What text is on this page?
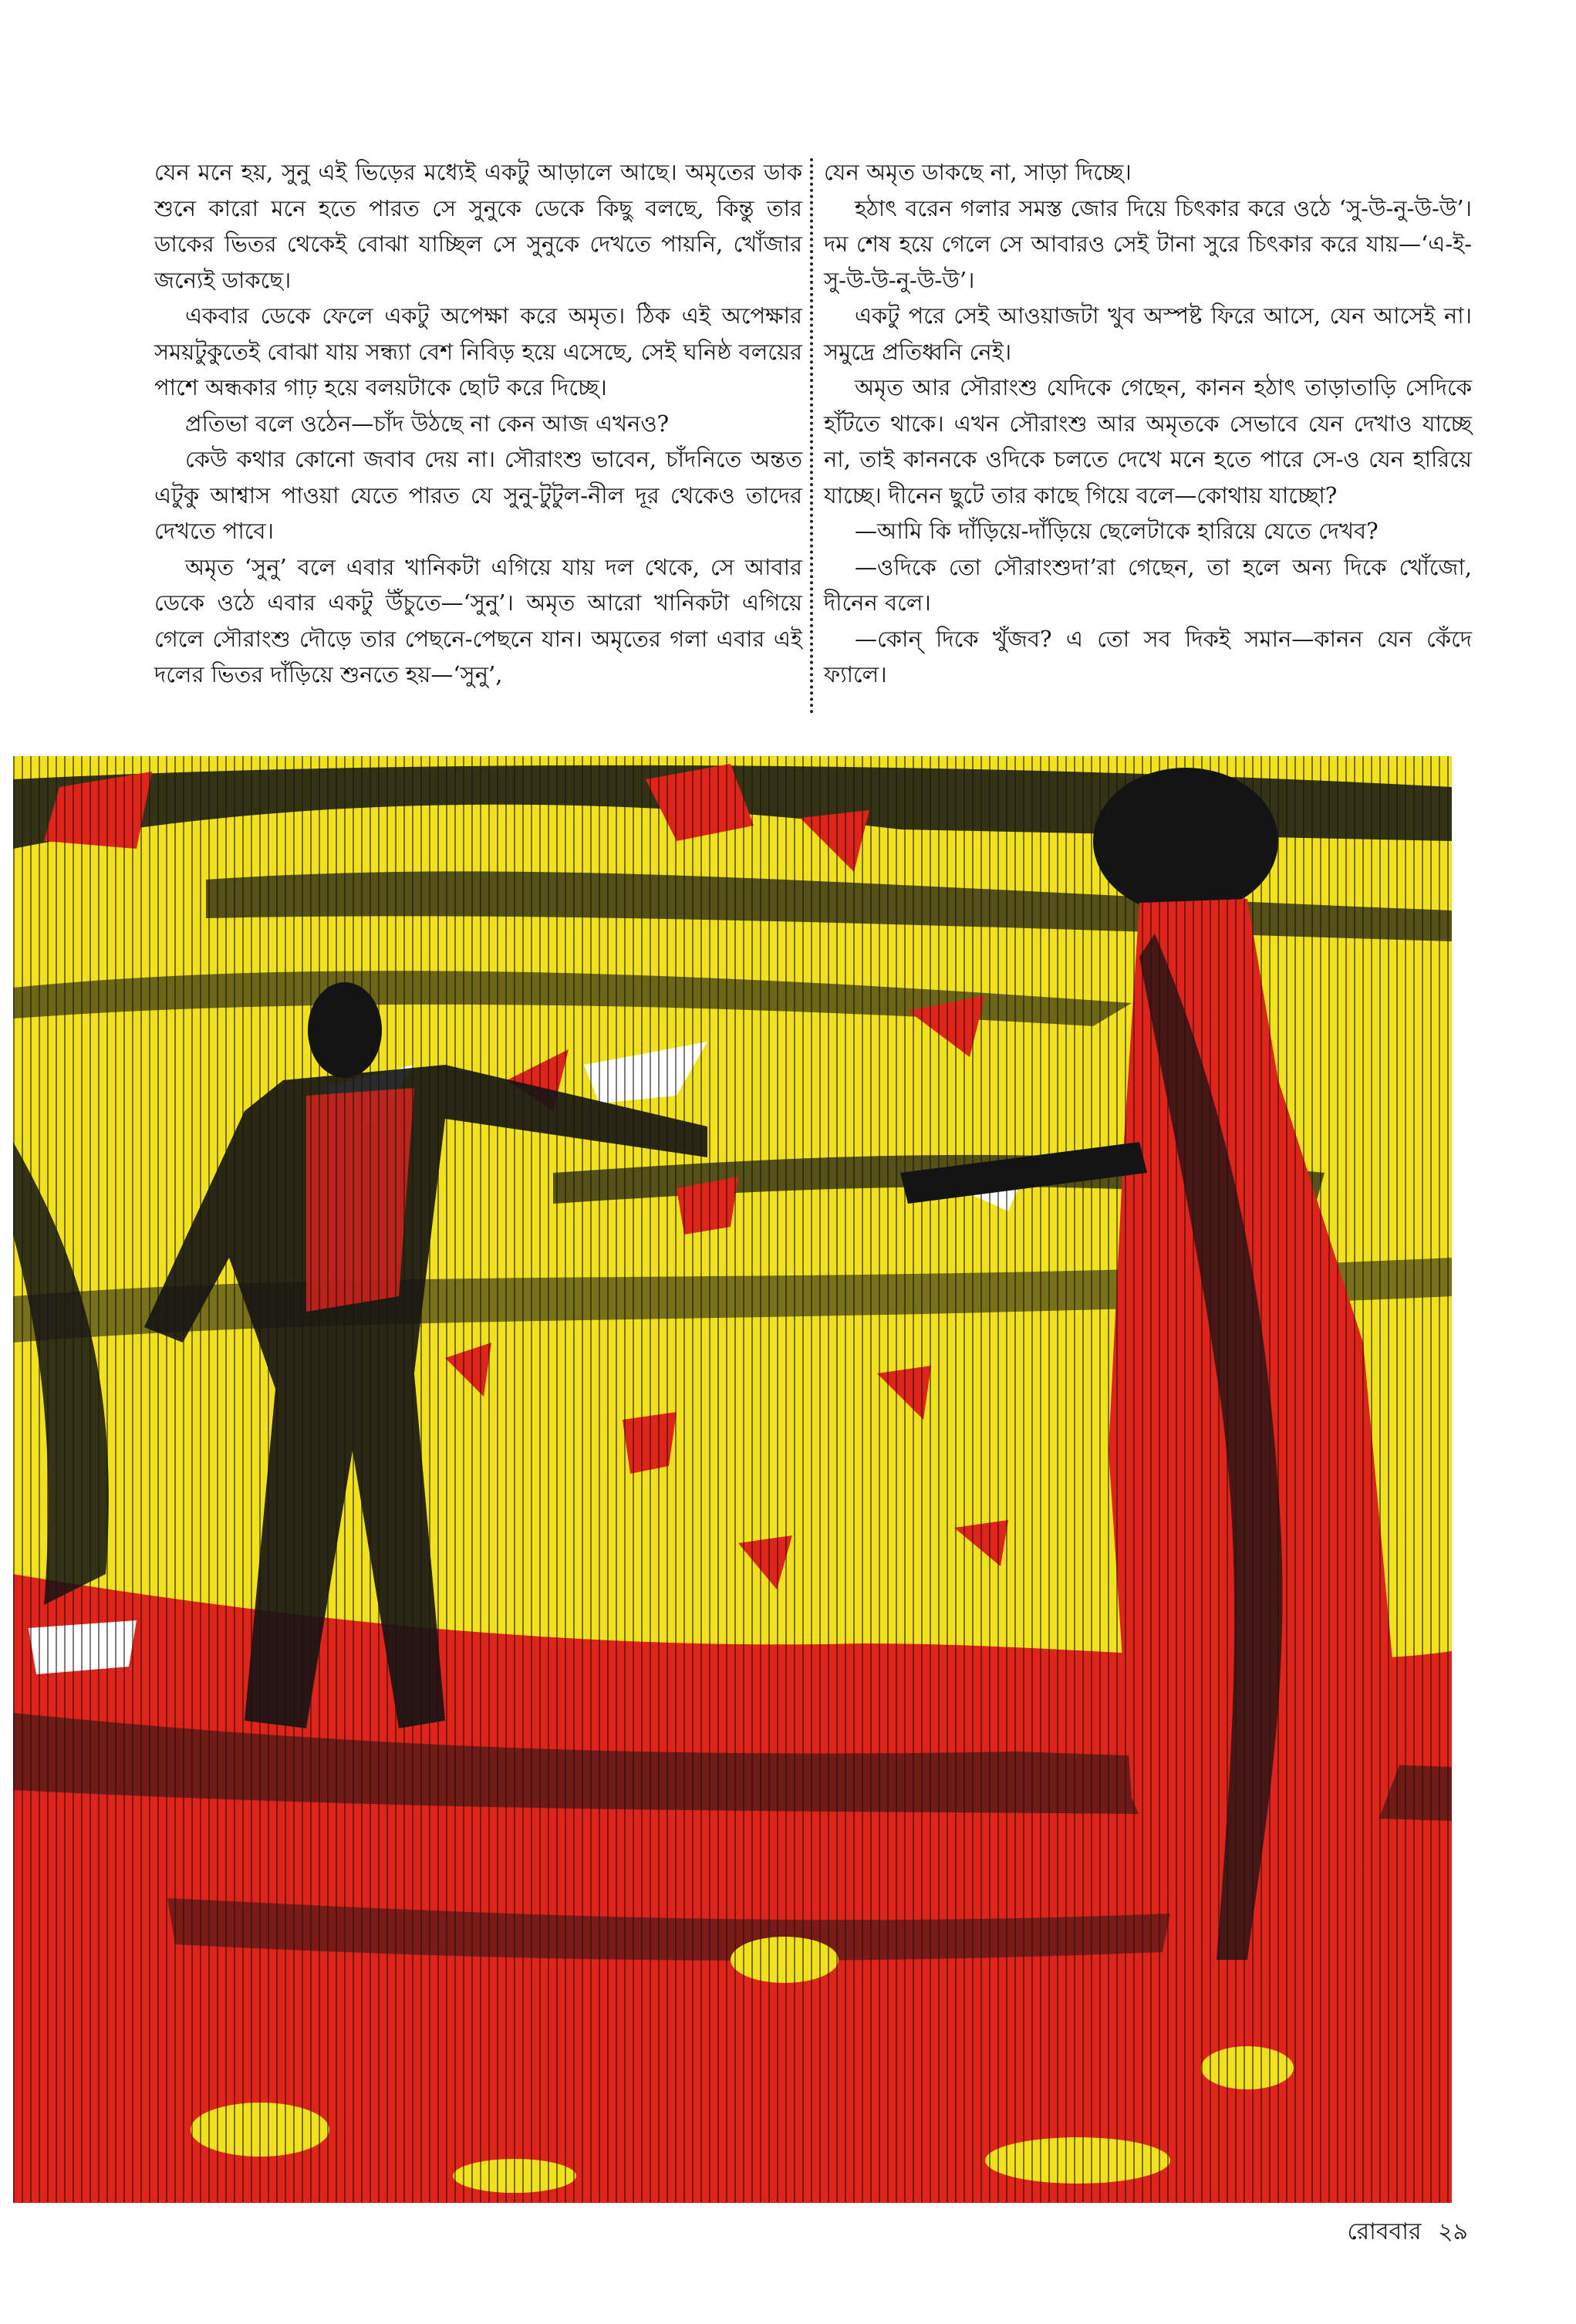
যেন মনে হয়, সুনু এই ভিড়ের মধ্যেই একটু আড়ালে আছে। অমৃতের ডাক শুনে কারো মনে হতে পারত সে সুনুকে ডেকে কিছু বলছে, কিন্তু তার ডাকের ভিতর থেকেই বোঝা যাচ্ছিল সে সুনুকে দেখতে পায়নি, খোঁজার জন্যেই ডাকছে।

একবার ডেকে ফেলে একটু অপেক্ষা করে অমৃত। ঠিক এই অপেক্ষার সময়টুকুতেই বোঝা যায় সন্ধ্যা বেশ নিবিড় হয়ে এসেছে, সেই ঘনিষ্ঠ বলয়ের পাশে অন্ধকার গাঢ় হয়ে বলয়টাকে ছোট করে দিচ্ছে।

প্রতিভা বলে ওঠেন—চাঁদ উঠছে না কেন আজ এখনও?

কেউ কথার কোনো জবাব দেয় না। সৌরাংশু ভাবেন, চাঁদনিতে অন্তত এটুকু আশ্বাস পাওয়া যেতে পারত যে সুনু-টুটুল-নীল দূর থেকেও তাদের দেখতে পাবে।

অমৃত ‘সুনু’ বলে এবার খানিকটা এগিয়ে যায় দল থেকে, সে আবার ডেকে ওঠে এবার একটু উঁচুতে—‘সুনু’। অমৃত আরো খানিকটা এগিয়ে গেলে সৌরাংশু দৌড়ে তার পেছনে-পেছনে যান। অমৃতের গলা এবার এই দলের ভিতর দাঁড়িয়ে শুনতে হয়—‘সুনু’,

যেন অমৃত ডাকছে না, সাড়া দিচ্ছে।

হঠাৎ বরেন গলার সমস্ত জোর দিয়ে চিৎকার করে ওঠে ‘সু-উ-নু-উ-উ’। দম শেষ হয়ে গেলে সে আবারও সেই টানা সুরে চিৎকার করে যায়—‘এ-ই-সু-উ-উ-নু-উ-উ’।

একটু পরে সেই আওয়াজটা খুব অস্পষ্ট ফিরে আসে, যেন আসেই না। সমুদ্রে প্রতিধ্বনি নেই।

অমৃত আর সৌরাংশু যেদিকে গেছেন, কানন হঠাৎ তাড়াতাড়ি সেদিকে হাঁটতে থাকে। এখন সৌরাংশু আর অমৃতকে সেভাবে যেন দেখাও যাচ্ছে না, তাই কাননকে ওদিকে চলতে দেখে মনে হতে পারে সে-ও যেন হারিয়ে যাচ্ছে। দীনেন ছুটে তার কাছে গিয়ে বলে—কোথায় যাচ্ছো?

—আমি কি দাঁড়িয়ে-দাঁড়িয়ে ছেলেটাকে হারিয়ে যেতে দেখব?

—ওদিকে তো সৌরাংশুদা’রা গেছেন, তা হলে অন্য দিকে খোঁজো, দীনেন বলে।

—কোন্ দিকে খুঁজব? এ তো সব দিকই সমান—কানন যেন কেঁদে ফ্যালে।

রোববার ২৯
